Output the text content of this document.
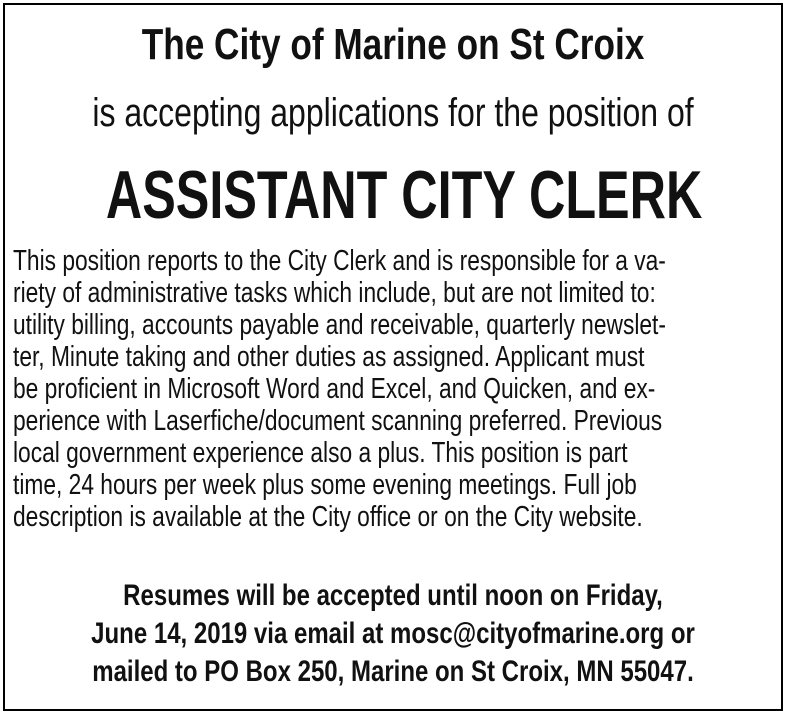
The City of Marine on St Croix
is accepting applications for the position of
ASSISTANT CITY CLERK
This position reports to the City Clerk and is responsible for a va-
riety of administrative tasks which include, but are not limited to:
utility billing, accounts payable and receivable, quarterly newslet-
ter, Minute taking and other duties as assigned. Applicant must
be proficient in Microsoft Word and Excel, and Quicken, and ex-
perience with Laserfiche/document scanning preferred. Previous
local government experience also a plus. This position is part
time, 24 hours per week plus some evening meetings. Full job
description is available at the City office or on the City website.
Resumes will be accepted until noon on Friday,
June 14, 2019 via email at mosc@cityofmarine.org or
mailed to PO Box 250, Marine on St Croix, MN 55047.
